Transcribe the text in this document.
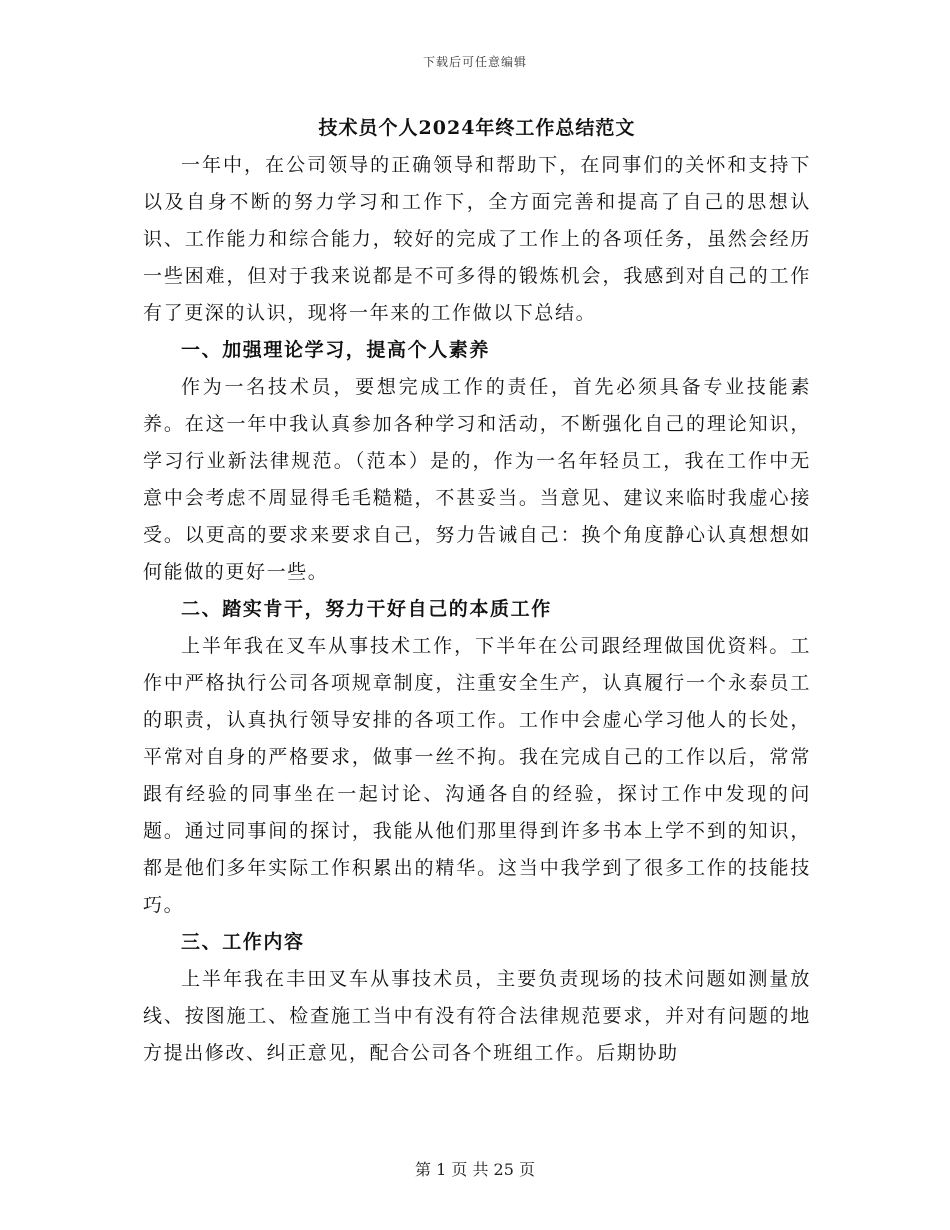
下载后可任意编辑
技术员个人2024年终工作总结范文

一年中，在公司领导的正确领导和帮助下，在同事们的关怀和支持下以及自身不断的努力学习和工作下，全方面完善和提高了自己的思想认识、工作能力和综合能力，较好的完成了工作上的各项任务，虽然会经历一些困难，但对于我来说都是不可多得的锻炼机会，我感到对自己的工作有了更深的认识，现将一年来的工作做以下总结。

一、加强理论学习，提高个人素养

作为一名技术员，要想完成工作的责任，首先必须具备专业技能素养。在这一年中我认真参加各种学习和活动，不断强化自己的理论知识，学习行业新法律规范。（范本）是的，作为一名年轻员工，我在工作中无意中会考虑不周显得毛毛糙糙，不甚妥当。当意见、建议来临时我虚心接受。以更高的要求来要求自己，努力告诫自己：换个角度静心认真想想如何能做的更好一些。

二、踏实肯干，努力干好自己的本质工作

上半年我在叉车从事技术工作，下半年在公司跟经理做国优资料。工作中严格执行公司各项规章制度，注重安全生产，认真履行一个永泰员工的职责，认真执行领导安排的各项工作。工作中会虚心学习他人的长处，平常对自身的严格要求，做事一丝不拘。我在完成自己的工作以后，常常跟有经验的同事坐在一起讨论、沟通各自的经验，探讨工作中发现的问题。通过同事间的探讨，我能从他们那里得到许多书本上学不到的知识，都是他们多年实际工作积累出的精华。这当中我学到了很多工作的技能技巧。

三、工作内容

上半年我在丰田叉车从事技术员，主要负责现场的技术问题如测量放线、按图施工、检查施工当中有没有符合法律规范要求，并对有问题的地方提出修改、纠正意见，配合公司各个班组工作。后期协助

第 1 页 共 25 页
